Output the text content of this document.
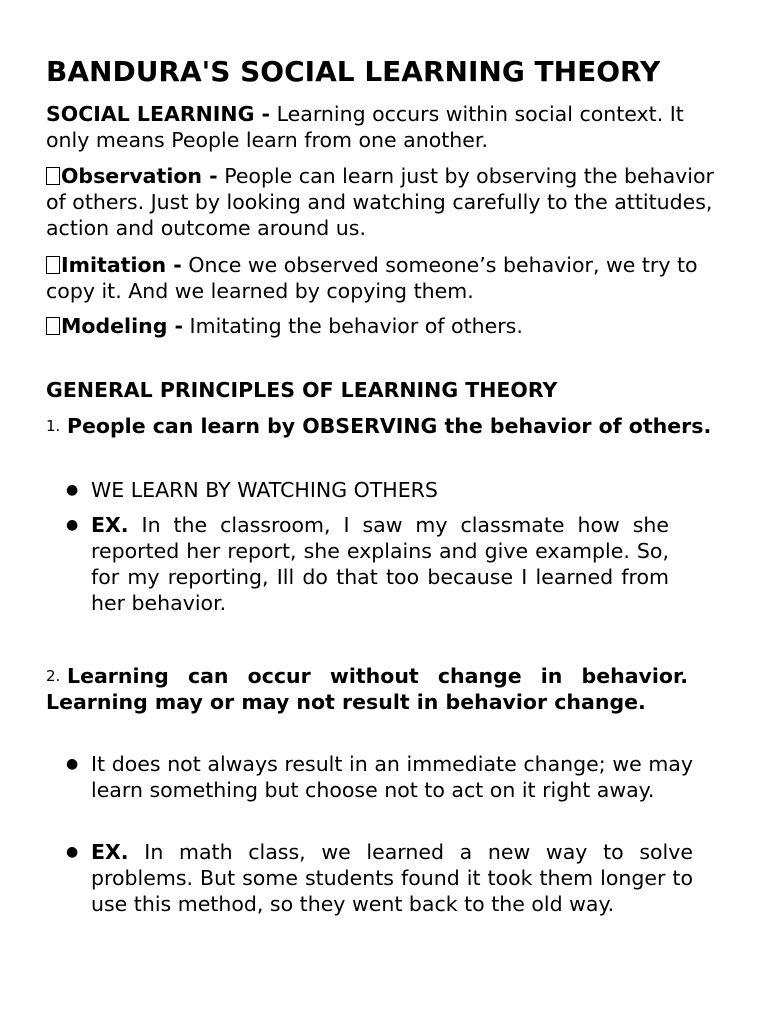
BANDURA'S SOCIAL LEARNING THEORY
SOCIAL LEARNING - Learning occurs within social context. It only means People learn from one another.
Observation - People can learn just by observing the behavior of others. Just by looking and watching carefully to the attitudes, action and outcome around us.
Imitation - Once we observed someone’s behavior, we try to copy it. And we learned by copying them.
Modeling - Imitating the behavior of others.
GENERAL PRINCIPLES OF LEARNING THEORY
1. People can learn by OBSERVING the behavior of others.
● WE LEARN BY WATCHING OTHERS
● EX. In the classroom, I saw my classmate how she reported her report, she explains and give example. So, for my reporting, Ill do that too because I learned from her behavior.
Learning can occur without change in behavior. Learning may or may not result in behavior change.
2.
● It does not always result in an immediate change; we may learn something but choose not to act on it right away.
● EX. In math class, we learned a new way to solve problems. But some students found it took them longer to use this method, so they went back to the old way.
